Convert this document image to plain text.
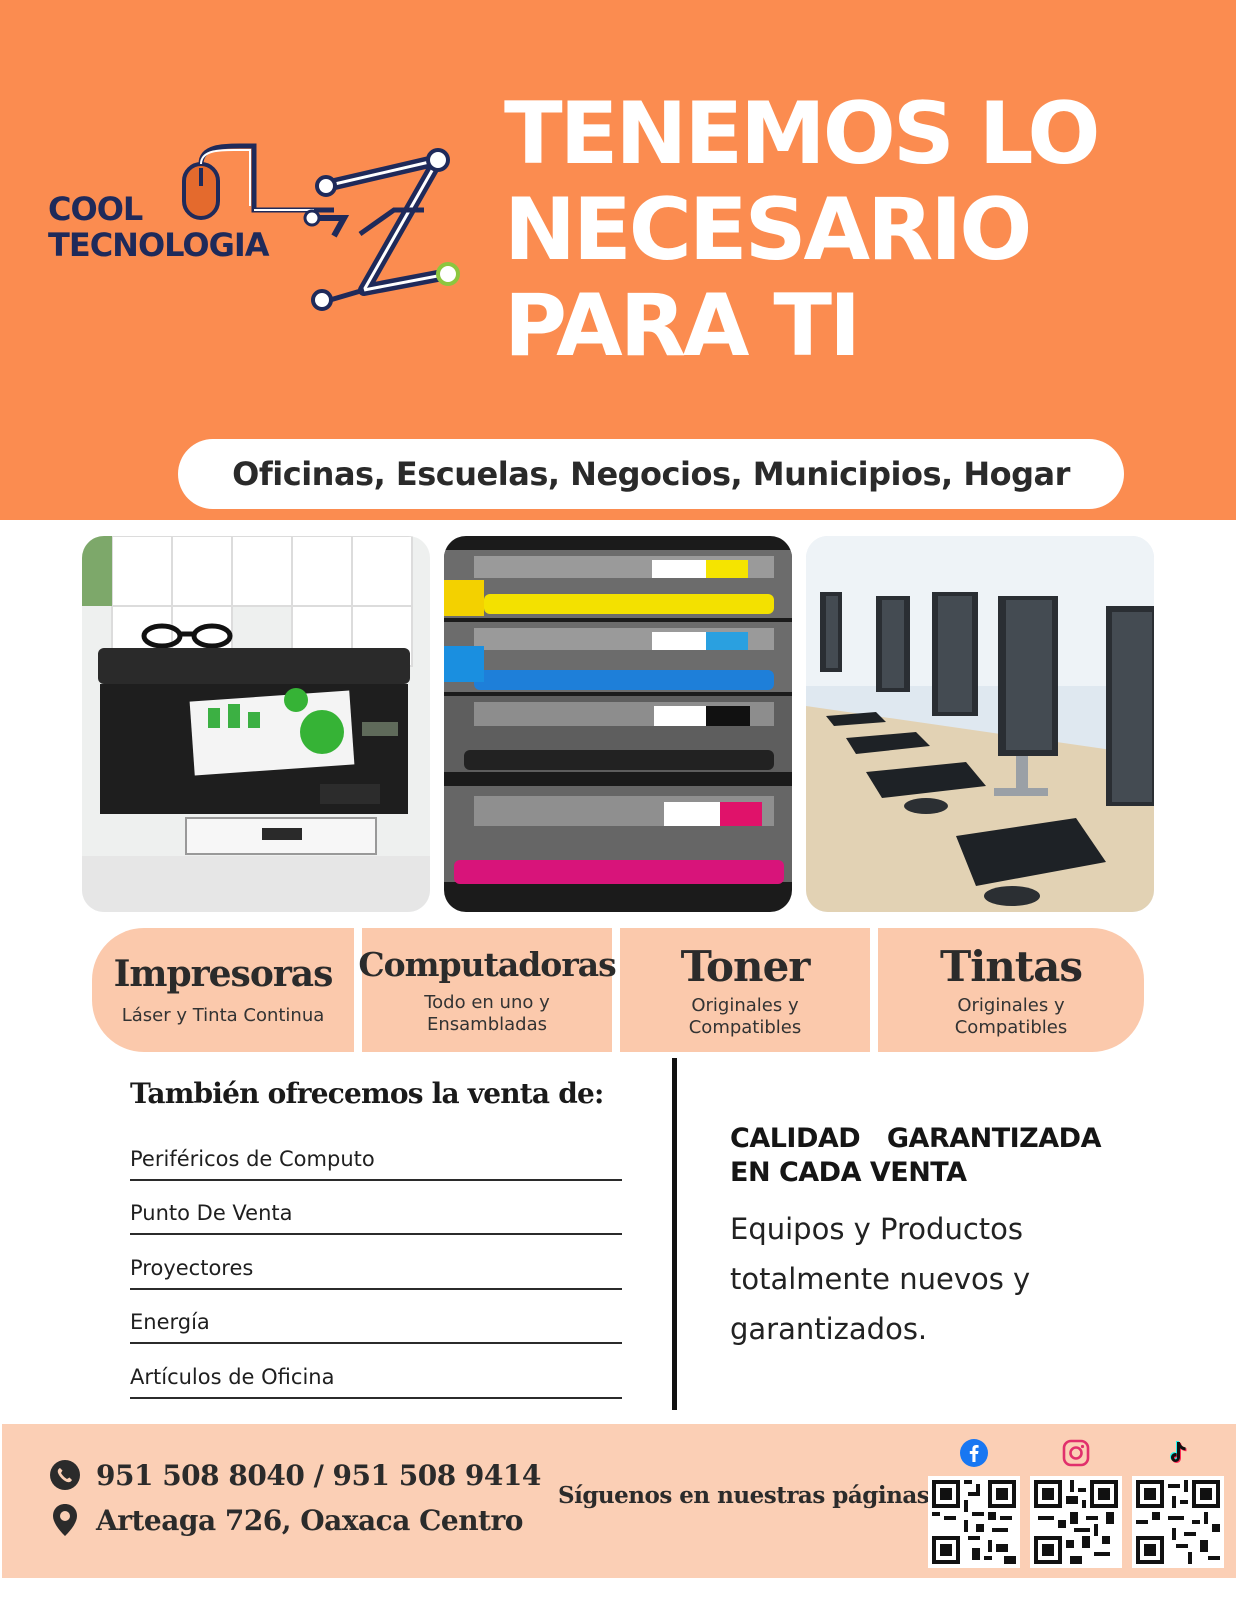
COOL
TECNOLOGIA
TENEMOS LO
NECESARIO
PARA TI
Oficinas, Escuelas, Negocios, Municipios, Hogar
Impresoras
Láser y Tinta Continua
Computadoras
Todo en uno y
Ensambladas
Toner
Originales y
Compatibles
Tintas
Originales y
Compatibles
También ofrecemos la venta de:
Periféricos de Computo
Punto De Venta
Proyectores
Energía
Artículos de Oficina
CALIDAD   GARANTIZADA
EN CADA VENTA
Equipos y Productos
totalmente nuevos y
garantizados.
951 508 8040 / 951 508 9414
Arteaga 726, Oaxaca Centro
Síguenos en nuestras páginas
